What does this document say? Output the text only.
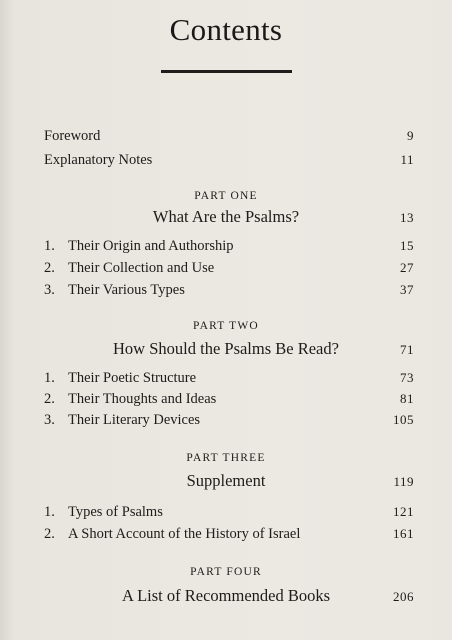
Contents
Foreword	9
Explanatory Notes	11
PART ONE
What Are the Psalms?	13
1. Their Origin and Authorship	15
2. Their Collection and Use	27
3. Their Various Types	37
PART TWO
How Should the Psalms Be Read?	71
1. Their Poetic Structure	73
2. Their Thoughts and Ideas	81
3. Their Literary Devices	105
PART THREE
Supplement	119
1. Types of Psalms	121
2. A Short Account of the History of Israel	161
PART FOUR
A List of Recommended Books	206
